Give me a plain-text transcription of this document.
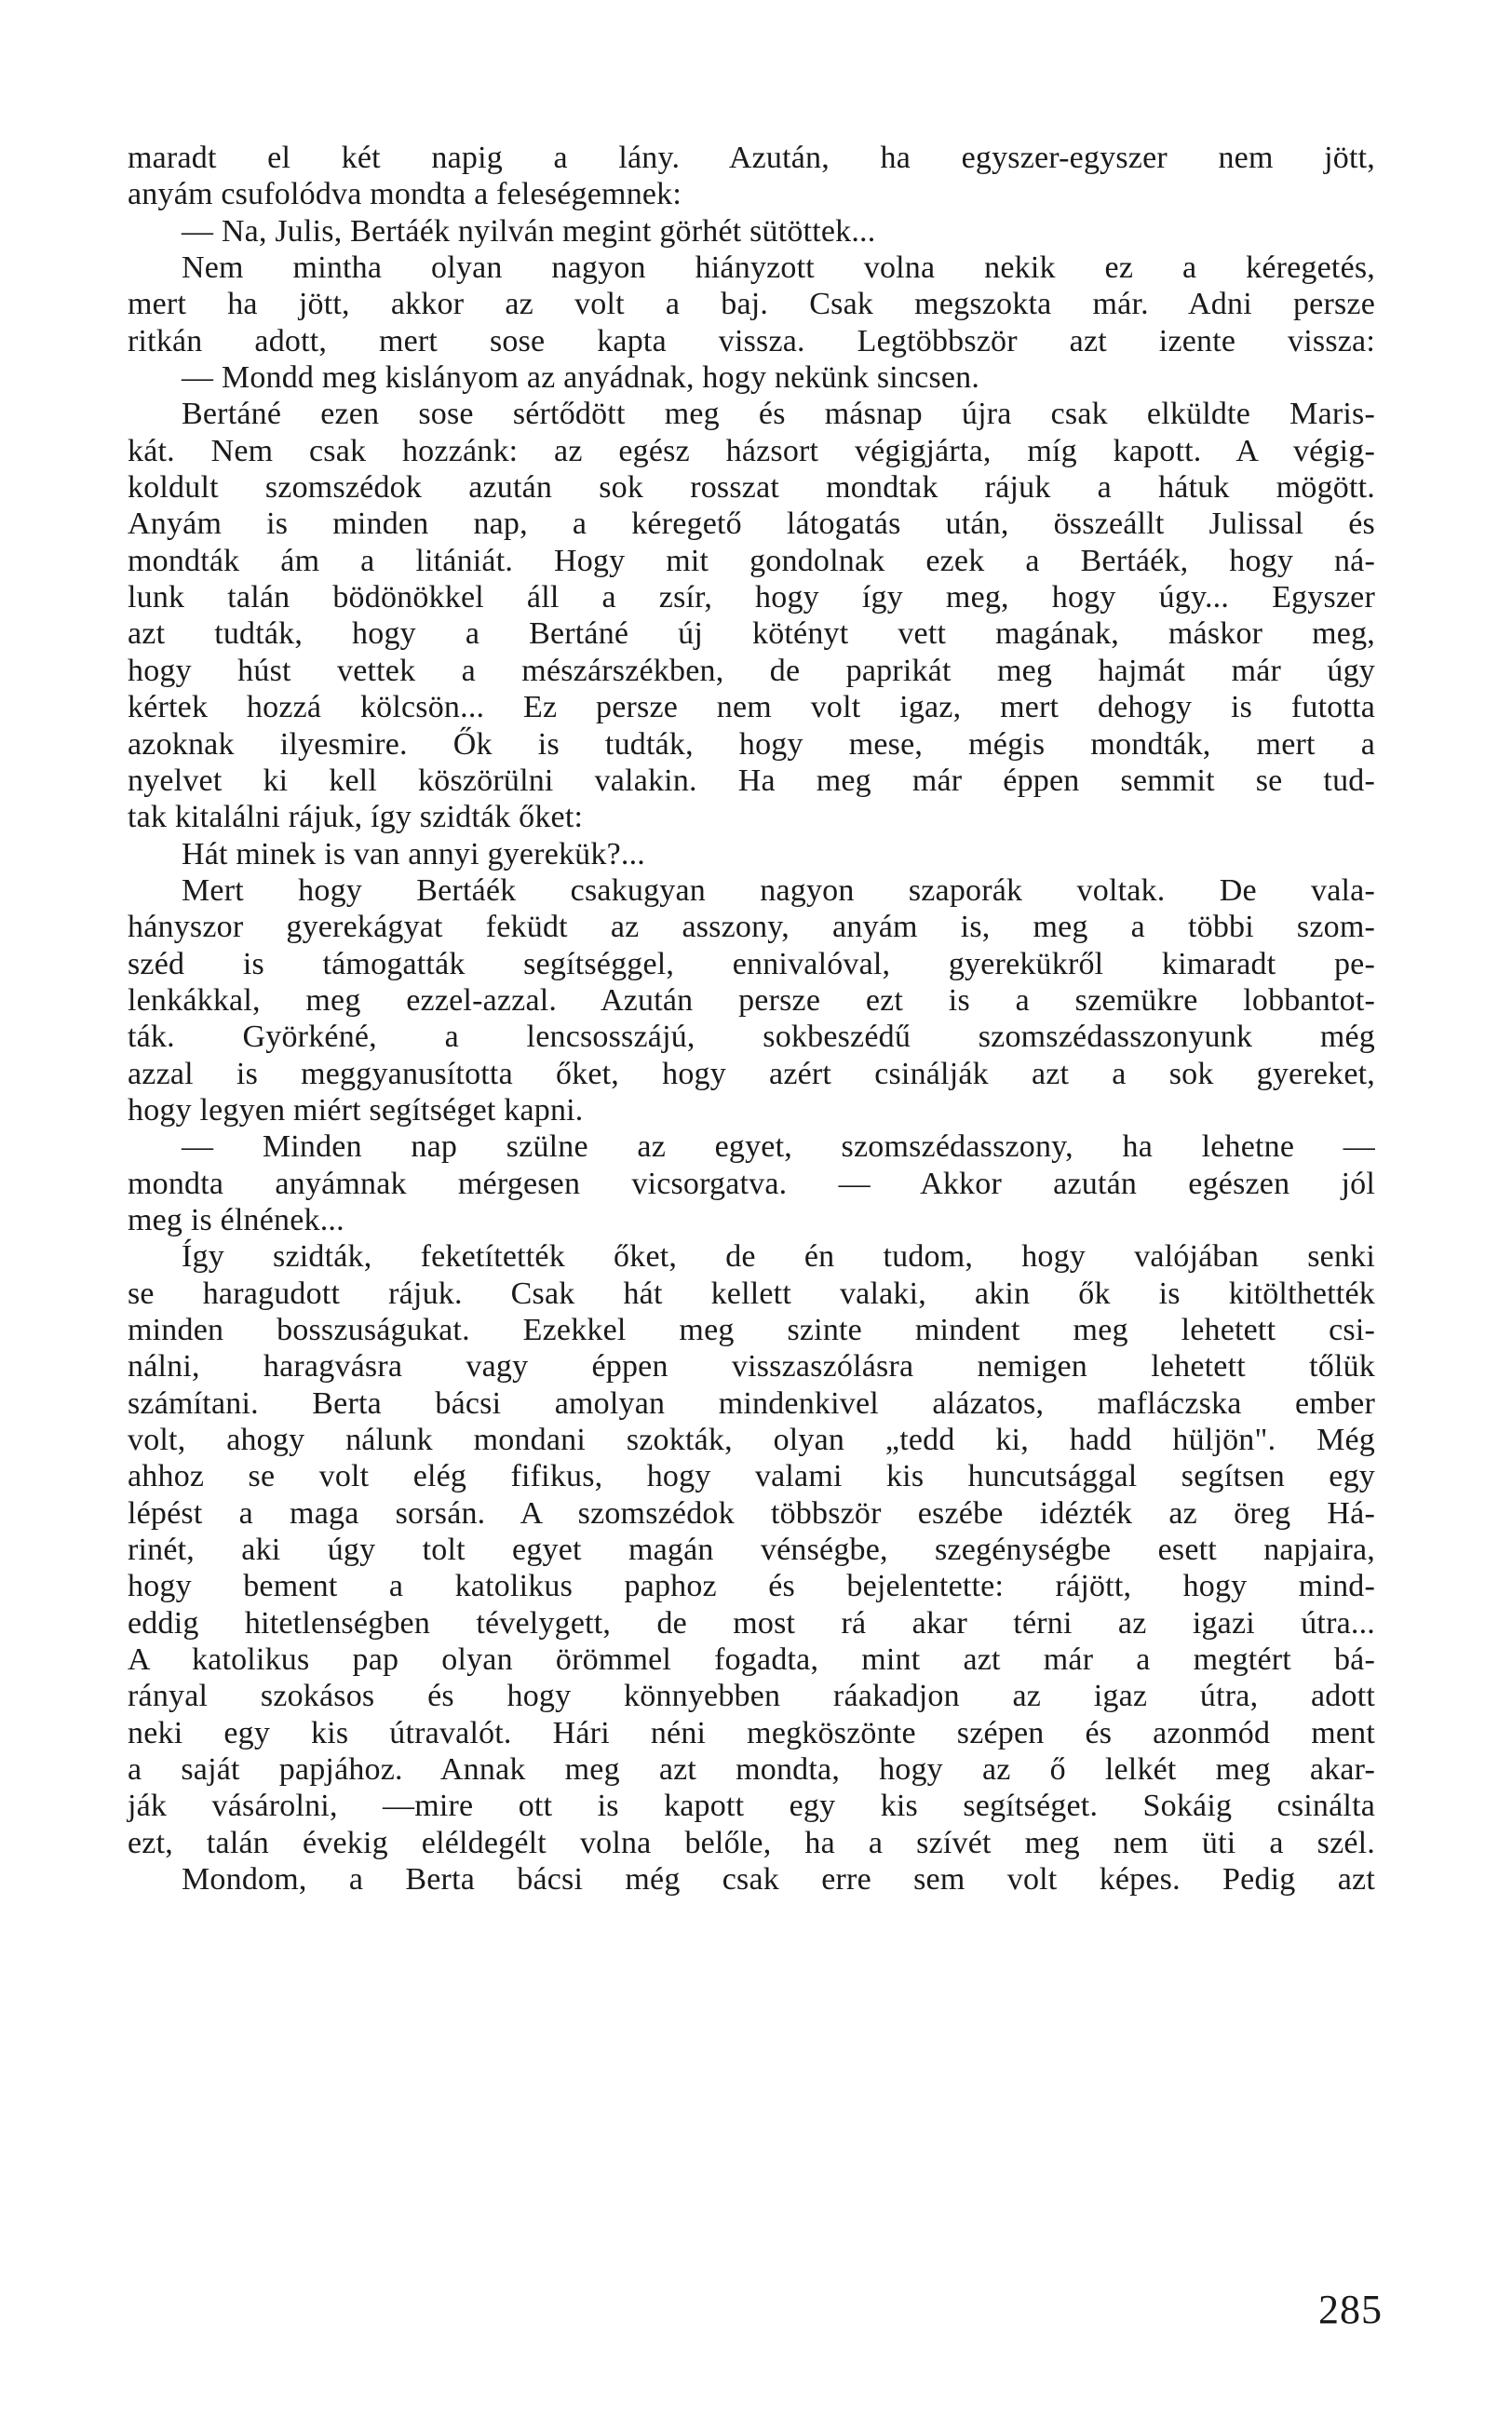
maradt el két napig a lány. Azután, ha egyszer-egyszer nem jött,
anyám csufolódva mondta a feleségemnek:
— Na, Julis, Bertáék nyilván megint görhét sütöttek...
Nem mintha olyan nagyon hiányzott volna nekik ez a kéregetés,
mert ha jött, akkor az volt a baj. Csak megszokta már. Adni persze
ritkán adott, mert sose kapta vissza. Legtöbbször azt izente vissza:
— Mondd meg kislányom az anyádnak, hogy nekünk sincsen.
Bertáné ezen sose sértődött meg és másnap újra csak elküldte Maris-
kát. Nem csak hozzánk: az egész házsort végigjárta, míg kapott. A végig-
koldult szomszédok azután sok rosszat mondtak rájuk a hátuk mögött.
Anyám is minden nap, a kéregető látogatás után, összeállt Julissal és
mondták ám a litániát. Hogy mit gondolnak ezek a Bertáék, hogy ná-
lunk talán bödönökkel áll a zsír, hogy így meg, hogy úgy... Egyszer
azt tudták, hogy a Bertáné új kötényt vett magának, máskor meg,
hogy húst vettek a mészárszékben, de paprikát meg hajmát már úgy
kértek hozzá kölcsön... Ez persze nem volt igaz, mert dehogy is futotta
azoknak ilyesmire. Ők is tudták, hogy mese, mégis mondták, mert a
nyelvet ki kell köszörülni valakin. Ha meg már éppen semmit se tud-
tak kitalálni rájuk, így szidták őket:
Hát minek is van annyi gyerekük?...
Mert hogy Bertáék csakugyan nagyon szaporák voltak. De vala-
hányszor gyerekágyat feküdt az asszony, anyám is, meg a többi szom-
széd is támogatták segítséggel, ennivalóval, gyerekükről kimaradt pe-
lenkákkal, meg ezzel-azzal. Azután persze ezt is a szemükre lobbantot-
ták. Györkéné, a lencsosszájú, sokbeszédű szomszédasszonyunk még
azzal is meggyanusította őket, hogy azért csinálják azt a sok gyereket,
hogy legyen miért segítséget kapni.
— Minden nap szülne az egyet, szomszédasszony, ha lehetne —
mondta anyámnak mérgesen vicsorgatva. — Akkor azután egészen jól
meg is élnének...
Így szidták, feketítették őket, de én tudom, hogy valójában senki
se haragudott rájuk. Csak hát kellett valaki, akin ők is kitölthették
minden bosszuságukat. Ezekkel meg szinte mindent meg lehetett csi-
nálni, haragvásra vagy éppen visszaszólásra nemigen lehetett tőlük
számítani. Berta bácsi amolyan mindenkivel alázatos, mafláczska ember
volt, ahogy nálunk mondani szokták, olyan „tedd ki, hadd hüljön". Még
ahhoz se volt elég fifikus, hogy valami kis huncutsággal segítsen egy
lépést a maga sorsán. A szomszédok többször eszébe idézték az öreg Há-
rinét, aki úgy tolt egyet magán vénségbe, szegénységbe esett napjaira,
hogy bement a katolikus paphoz és bejelentette: rájött, hogy mind-
eddig hitetlenségben tévelygett, de most rá akar térni az igazi útra...
A katolikus pap olyan örömmel fogadta, mint azt már a megtért bá-
rányal szokásos és hogy könnyebben ráakadjon az igaz útra, adott
neki egy kis útravalót. Hári néni megköszönte szépen és azonmód ment
a saját papjához. Annak meg azt mondta, hogy az ő lelkét meg akar-
ják vásárolni, —mire ott is kapott egy kis segítséget. Sokáig csinálta
ezt, talán évekig eléldegélt volna belőle, ha a szívét meg nem üti a szél.
Mondom, a Berta bácsi még csak erre sem volt képes. Pedig azt
285
